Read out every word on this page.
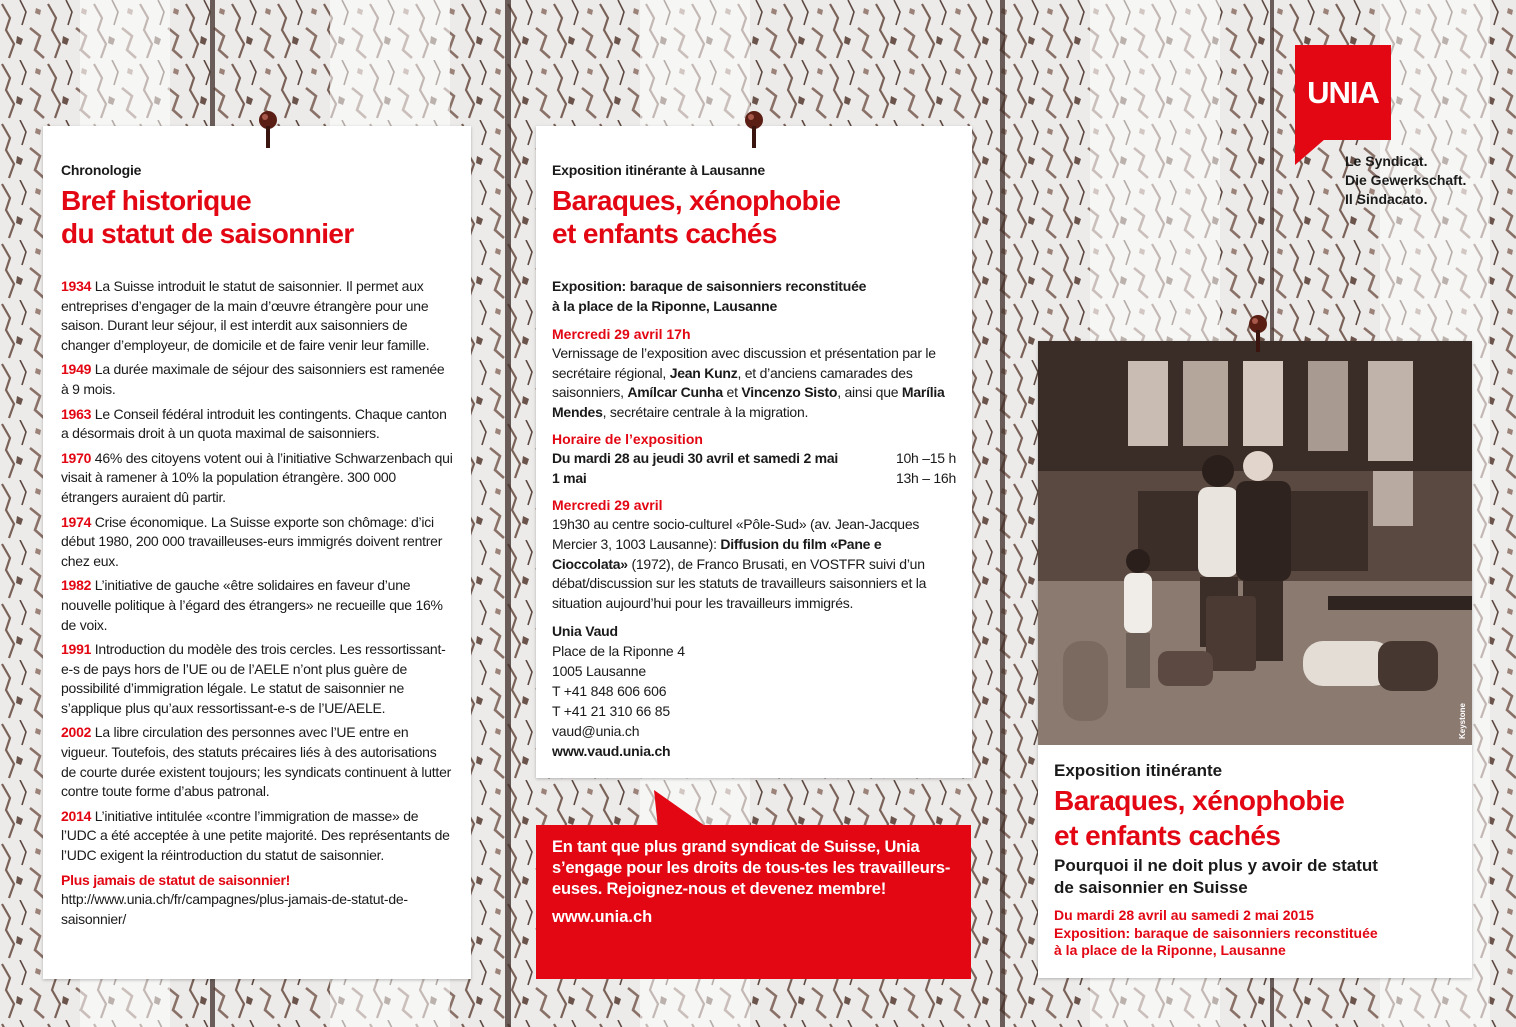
UNIA
Le Syndicat.
Die Gewerkschaft.
Il Sindacato.
Chronologie
Bref historique
du statut de saisonnier
1934 La Suisse introduit le statut de saisonnier. Il permet aux entreprises d’engager de la main d’œuvre étrangère pour une saison. Durant leur séjour, il est interdit aux saisonniers de changer d’employeur, de domicile et de faire venir leur famille.
1949 La durée maximale de séjour des saisonniers est ramenée à 9 mois.
1963 Le Conseil fédéral introduit les contingents. Chaque canton a désormais droit à un quota maximal de saisonniers.
1970 46% des citoyens votent oui à l’initiative Schwarzenbach qui visait à ramener à 10% la population étrangère. 300 000 étrangers auraient dû partir.
1974 Crise économique. La Suisse exporte son chômage: d’ici début 1980, 200 000 travailleuses-eurs immigrés doivent rentrer chez eux.
1982 L’initiative de gauche «être solidaires en faveur d’une nouvelle politique à l’égard des étrangers» ne recueille que 16% de voix.
1991 Introduction du modèle des trois cercles. Les ressortissant-e-s de pays hors de l’UE ou de l’AELE n’ont plus guère de possibilité d’immigration légale. Le statut de saisonnier ne s’applique plus qu’aux ressortissant-e-s de l’UE/AELE.
2002 La libre circulation des personnes avec l’UE entre en vigueur. Toutefois, des statuts précaires liés à des autorisations de courte durée existent toujours; les syndicats continuent à lutter contre toute forme d’abus patronal.
2014 L’initiative intitulée «contre l’immigration de masse» de l’UDC a été acceptée à une petite majorité. Des représentants de l’UDC exigent la réintroduction du statut de saisonnier.
Plus jamais de statut de saisonnier! http://www.unia.ch/fr/campagnes/plus-jamais-de-statut-de-saisonnier/
Exposition itinérante à Lausanne
Baraques, xénophobie
et enfants cachés
Exposition: baraque de saisonniers reconstituée
à la place de la Riponne, Lausanne
Mercredi 29 avril 17h
Vernissage de l’exposition avec discussion et présentation par le secrétaire régional, Jean Kunz, et d’anciens camarades des saisonniers, Amílcar Cunha et Vincenzo Sisto, ainsi que Marília Mendes, secrétaire centrale à la migration.
Horaire de l’exposition
Du mardi 28 au jeudi 30 avril et samedi 2 mai	10h –15 h
1 mai	13h – 16h
Mercredi 29 avril
19h30 au centre socio-culturel «Pôle-Sud» (av. Jean-Jacques Mercier 3, 1003 Lausanne): Diffusion du film «Pane e Cioccolata» (1972), de Franco Brusati, en VOSTFR suivi d’un débat/discussion sur les statuts de travailleurs saisonniers et la situation aujourd’hui pour les travailleurs immigrés.
Unia Vaud
Place de la Riponne 4
1005 Lausanne
T +41 848 606 606
T +41 21 310 66 85
vaud@unia.ch
www.vaud.unia.ch
En tant que plus grand syndicat de Suisse, Unia s’engage pour les droits de tous-tes les travailleurs-euses. Rejoignez-nous et devenez membre!
www.unia.ch
Keystone
Exposition itinérante
Baraques, xénophobie
et enfants cachés
Pourquoi il ne doit plus y avoir de statut
de saisonnier en Suisse
Du mardi 28 avril au samedi 2 mai 2015
Exposition: baraque de saisonniers reconstituée
à la place de la Riponne, Lausanne
